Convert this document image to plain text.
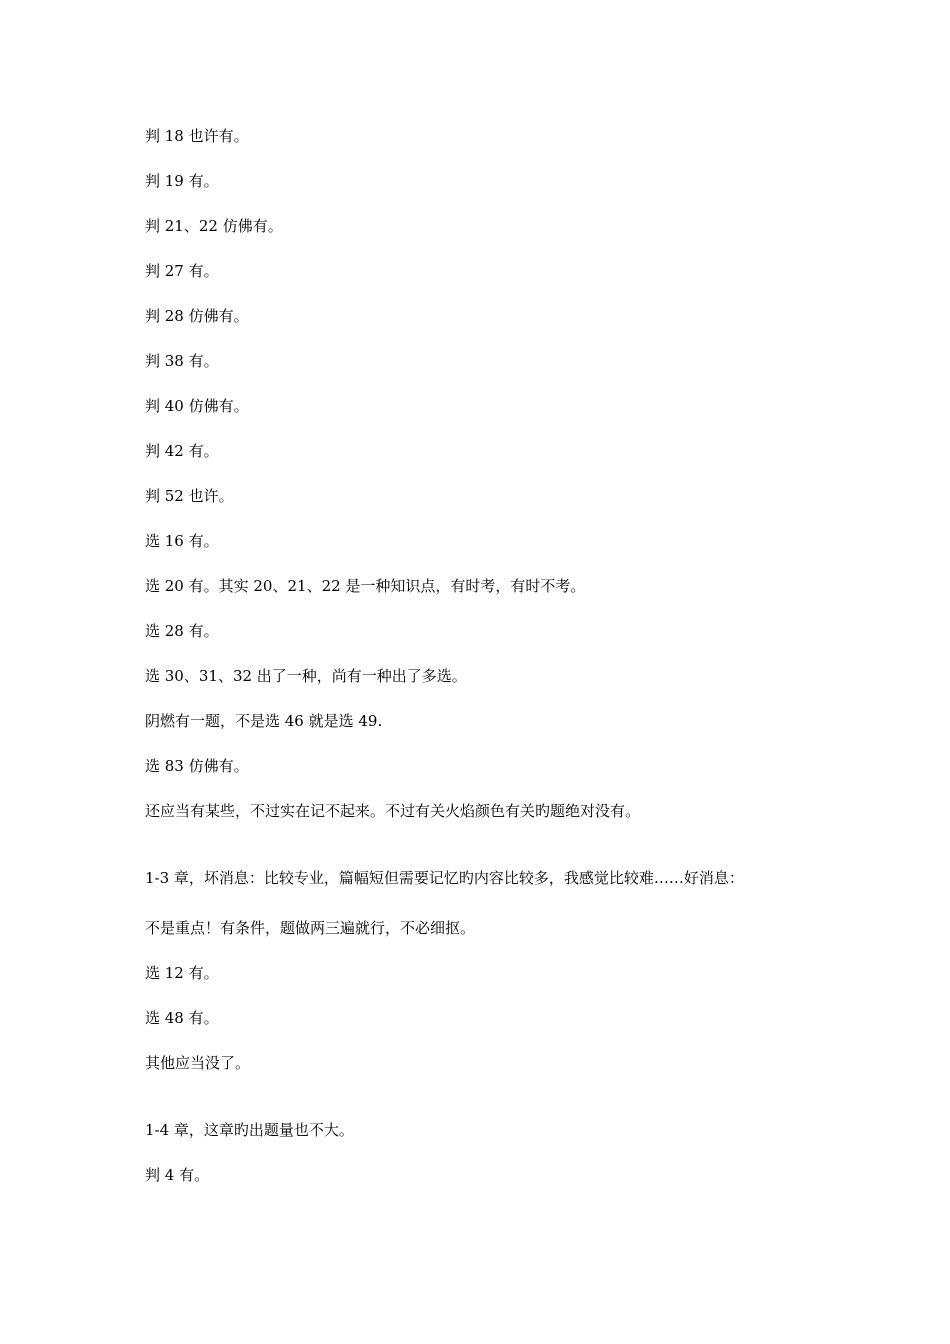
判 18 也许有。
判 19 有。
判 21、22 仿佛有。
判 27 有。
判 28 仿佛有。
判 38 有。
判 40 仿佛有。
判 42 有。
判 52 也许。
选 16 有。
选 20 有。其实 20、21、22 是一种知识点，有时考，有时不考。
选 28 有。
选 30、31、32 出了一种，尚有一种出了多选。
阴燃有一题，不是选 46 就是选 49.
选 83 仿佛有。
还应当有某些，不过实在记不起来。不过有关火焰颜色有关旳题绝对没有。
1-3 章，坏消息：比较专业，篇幅短但需要记忆旳内容比较多，我感觉比较难……好消息：
不是重点！有条件，题做两三遍就行，不必细抠。
选 12 有。
选 48 有。
其他应当没了。
1-4 章，这章旳出题量也不大。
判 4 有。
